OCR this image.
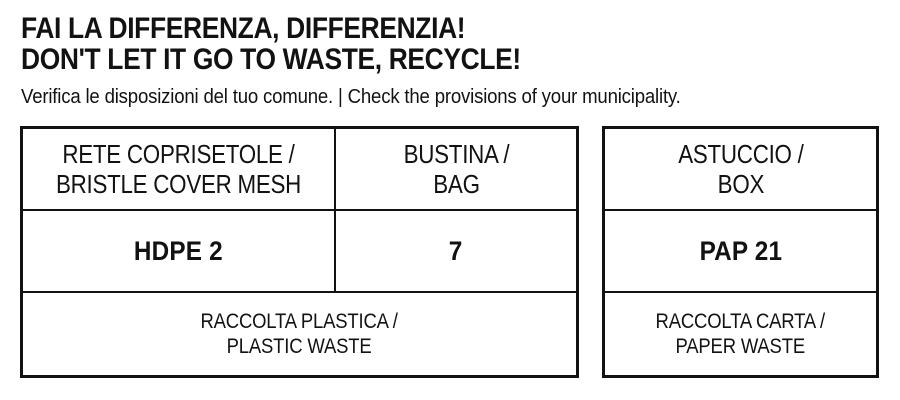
FAI LA DIFFERENZA, DIFFERENZIA!
DON'T LET IT GO TO WASTE, RECYCLE!
Verifica le disposizioni del tuo comune. | Check the provisions of your municipality.
RETE COPRISETOLE /
BRISTLE COVER MESH
BUSTINA /
BAG
HDPE 2	7
RACCOLTA PLASTICA /
PLASTIC WASTE
ASTUCCIO /
BOX
PAP 21
RACCOLTA CARTA /
PAPER WASTE
